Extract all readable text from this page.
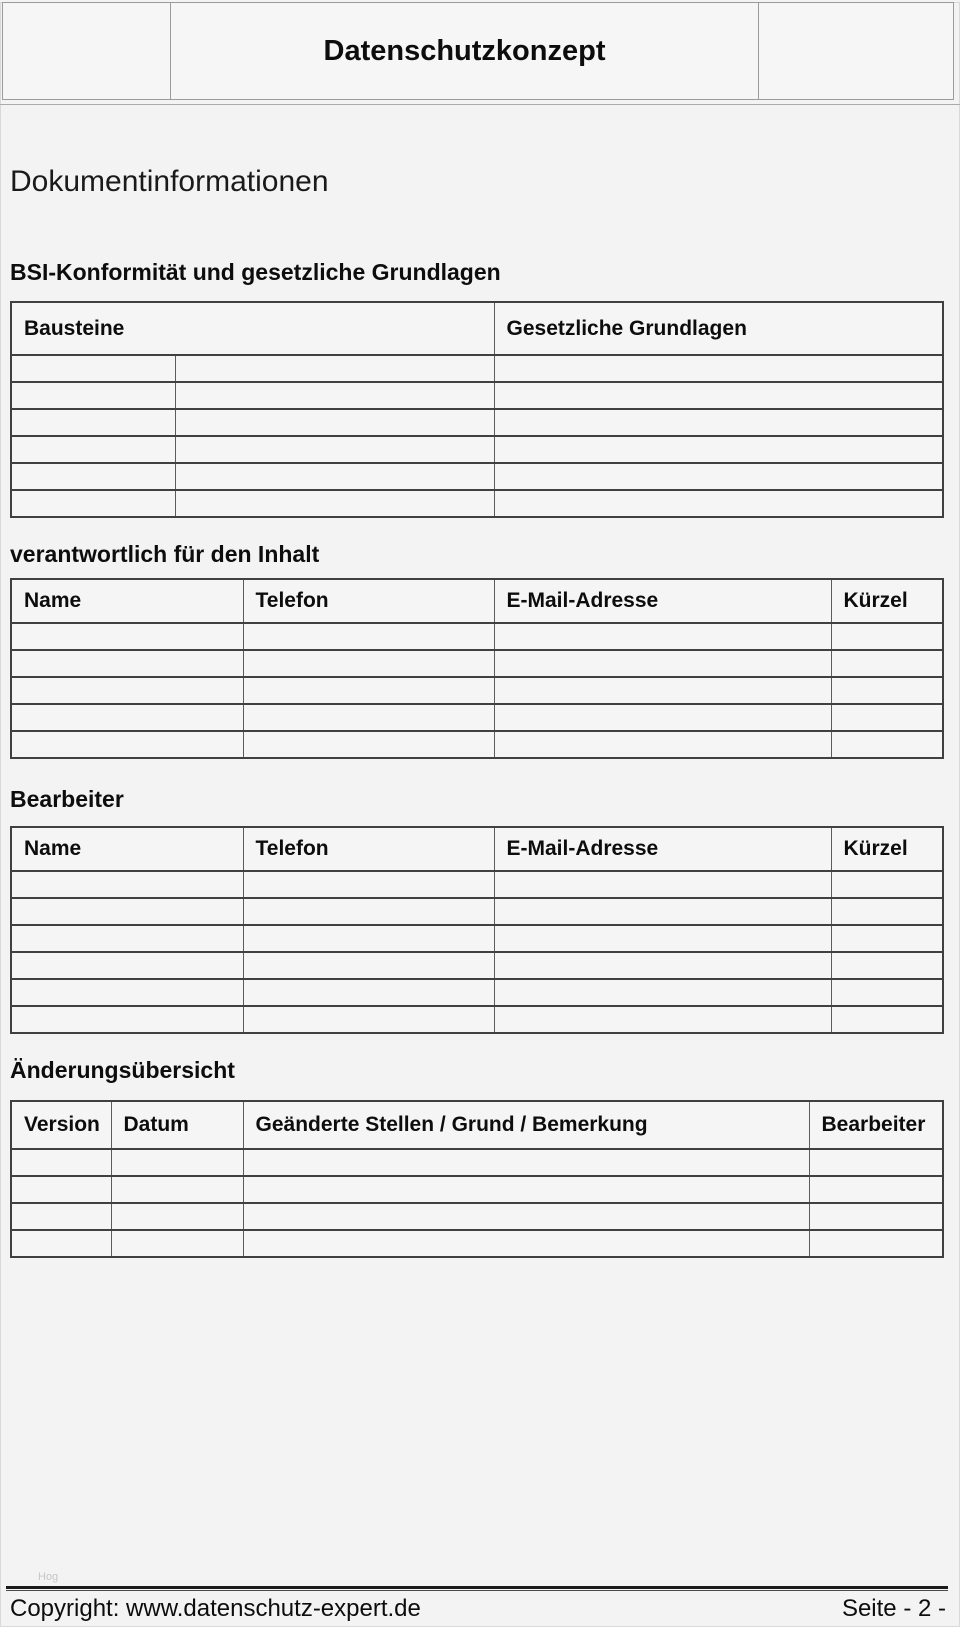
	Datenschutzkonzept	
Dokumentinformationen
BSI-Konformität und gesetzliche Grundlagen
Bausteine		Gesetzliche Grundlagen

verantwortlich für den Inhalt
Name	Telefon	E-Mail-Adresse	Kürzel

Bearbeiter
Name	Telefon	E-Mail-Adresse	Kürzel

Änderungsübersicht
Version	Datum	Geänderte Stellen / Grund / Bemerkung	Bearbeiter

Hog
Copyright: www.datenschutz-expert.de	Seite - 2 -
